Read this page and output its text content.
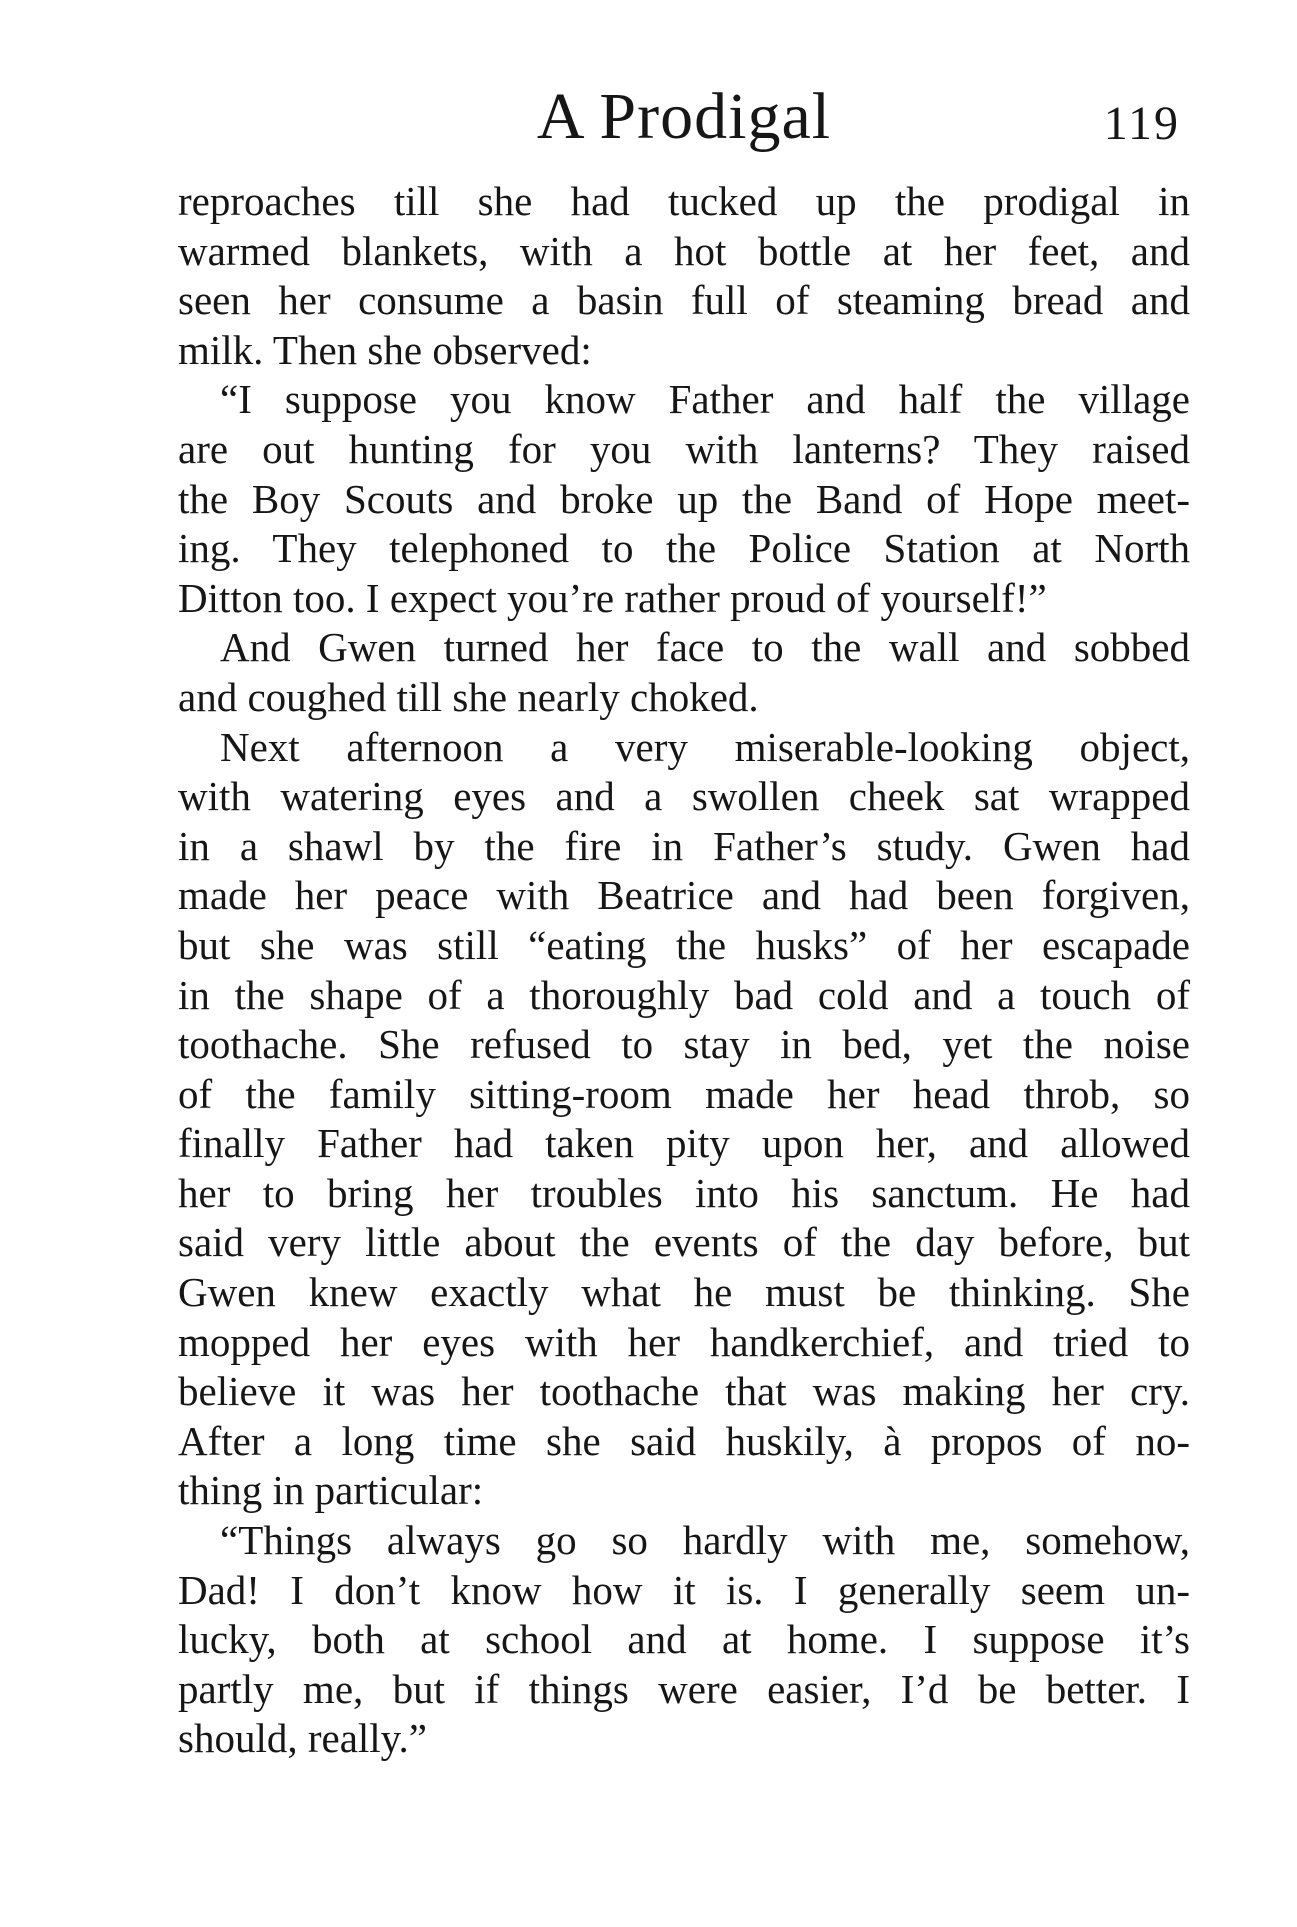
A Prodigal	119
reproaches till she had tucked up the prodigal in
warmed blankets, with a hot bottle at her feet, and
seen her consume a basin full of steaming bread and
milk. Then she observed:
“I suppose you know Father and half the village
are out hunting for you with lanterns? They raised
the Boy Scouts and broke up the Band of Hope meet-
ing. They telephoned to the Police Station at North
Ditton too. I expect you’re rather proud of yourself!”
And Gwen turned her face to the wall and sobbed
and coughed till she nearly choked.
Next afternoon a very miserable-looking object,
with watering eyes and a swollen cheek sat wrapped
in a shawl by the fire in Father’s study. Gwen had
made her peace with Beatrice and had been forgiven,
but she was still “eating the husks” of her escapade
in the shape of a thoroughly bad cold and a touch of
toothache. She refused to stay in bed, yet the noise
of the family sitting-room made her head throb, so
finally Father had taken pity upon her, and allowed
her to bring her troubles into his sanctum. He had
said very little about the events of the day before, but
Gwen knew exactly what he must be thinking. She
mopped her eyes with her handkerchief, and tried to
believe it was her toothache that was making her cry.
After a long time she said huskily, à propos of no-
thing in particular:
“Things always go so hardly with me, somehow,
Dad! I don’t know how it is. I generally seem un-
lucky, both at school and at home. I suppose it’s
partly me, but if things were easier, I’d be better. I
should, really.”
